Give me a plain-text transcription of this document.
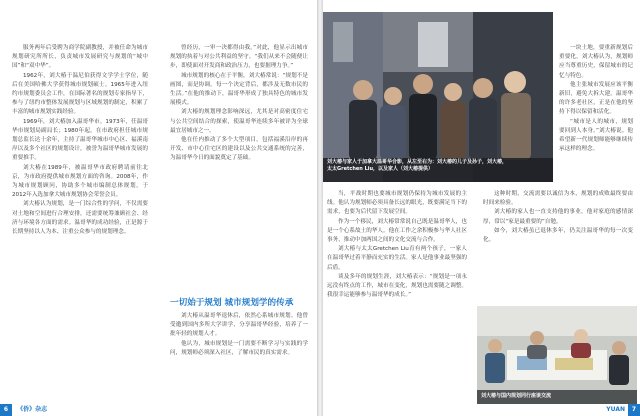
服务两年后受聘为商学院副教授，并被任命为城市规划研究所所长，负责城市发展研究与规划的“城中国”和“双中华”。

1962年，刘大椿于温尼伯获得文学学士学位，随后在美国哈佛大学获得城市规划硕士。1965年进入纽约市规划委员会工作，在国际著名的规划专家指导下，参与了纽约市整体发展规划与区域规划的制定，积累了丰富的城市规划实践经验。

1969年，刘大椿加入温哥华市。1973年，任温哥华市规划局副局长；1980年起，在市政府担任城市规划总监长达十余年，主持了温哥华城市中心区、福溪南岸以及多个社区的规划设计，被誉为温哥华城市发展的重要推手。

刘大椿在1989年，被温哥华市政府聘请前往北京，为市政府提供城市规划方面的咨询。2008年，作为城市规划顾问，协助多个城市编制总体规划，于2012年入选加拿大城市规划协会荣誉会员。

刘大椿认为规划，是一门综合性的学问，不仅需要对土地和空间进行合理安排，还需要统筹兼顾社会、经济与环境各方面的需求。温哥华的成功经验，正是源于长期坚持以人为本、注重公众参与的规划理念。

曾经历，一审一决都得由我。”对此，他显示出城市规划的执着与对公共利益的坚守。“我们从来不会随便让步，即使面对开发商和政治压力，也要据理力争。”

城市规划的核心在于平衡，刘大椿常说：“规划不是画图，而是协调。每一个决定背后，都涉及无数市民的生活。”在他的推动下，温哥华形成了独具特色的城市发展模式。

刘大椿的规划理念影响深远，尤其是对高密度住宅与公共空间结合的探索，使温哥华连续多年被评为全球最宜居城市之一。

他在任内推动了多个大型项目，包括福溪沿岸的再开发、市中心住宅区的建设以及公共交通系统的完善，为温哥华今日的面貌奠定了基础。

一切始于规划 城市规划学的传承

刘大椿从温哥华退休后，依然心系城市规划。他曾受邀到国内多所大学讲学，分享温哥华经验，培养了一批年轻的规划人才。

他认为，城市规划是一门需要不断学习与实践的学问，规划师必须深入社区，了解市民的真实需求。

6 《侨》杂志
刘大椿与家人于加拿大温哥华合影，从左至右为：刘大椿的儿子及孙子，刘大椿，
太太Gretchen Liu，以及家人（刘大椿提供）

一块土地，要重新规划后重要化，刘大椿认为，规划师应当尊重历史，保留城市的记忆与特色。

他主张城市发展应该平衡新旧，避免大拆大建。温哥华的许多老社区，正是在他的坚持下得以保留和活化。

“城市是人的城市，规划要回到人本身。”刘大椿说。他希望新一代规划师能够继续传承这样的理念。

当，平战时期也要城市规划仍保持为城市发展的主线。他认为规划师必须具备长远的眼光，既要满足当下的需求，也要为后代留下发展空间。

作为一个移民，刘大椿常常说自己既是温哥华人，也是一个心系故土的华人。他在工作之余积极参与华人社区事务，推动中加两国之间的文化交流与合作。

刘大椿与太太Gretchen Liu育有两个孩子，一家人在温哥华过着平静而充实的生活。家人是他事业最坚强的后盾。

谈及多年的规划生涯，刘大椿表示：“规划是一项永远没有终点的工作，城市在变化，规划也需要随之调整。我很幸运能够参与温哥华的成长。”

这种时期，交流需要以诚信为本，规划的成败最终要由时间来检验。

刘大椿的家人也一直支持他的事业，他对家庭的感情深厚，常以“家是最重要的”自勉。

如今，刘大椿虽已退休多年，仍关注温哥华的每一次变化。

刘大椿与国内规划同行座谈交流
YUAN 7
